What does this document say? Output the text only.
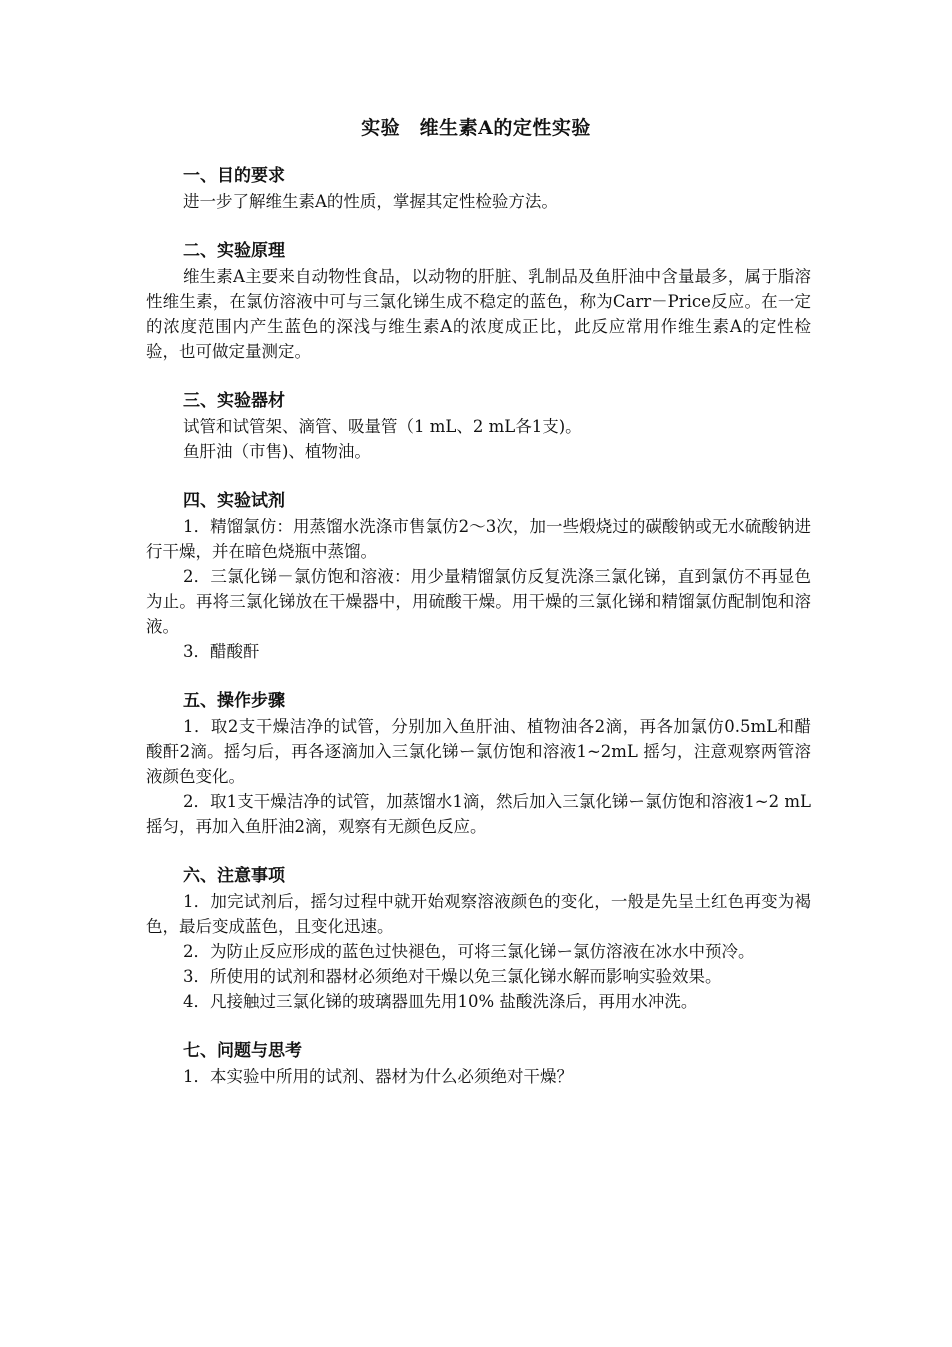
实验　维生素A的定性实验
一、目的要求

进一步了解维生素A的性质，掌握其定性检验方法。

二、实验原理

维生素A主要来自动物性食品，以动物的肝脏、乳制品及鱼肝油中含量最多，属于脂溶性维生素，在氯仿溶液中可与三氯化锑生成不稳定的蓝色，称为Carr－Price反应。在一定的浓度范围内产生蓝色的深浅与维生素A的浓度成正比，此反应常用作维生素A的定性检验，也可做定量测定。

三、实验器材

试管和试管架、滴管、吸量管（1 mL、2 mL各1支)。

鱼肝油（市售)、植物油。

四、实验试剂

1．精馏氯仿：用蒸馏水洗涤市售氯仿2～3次，加一些煅烧过的碳酸钠或无水硫酸钠进行干燥，并在暗色烧瓶中蒸馏。

2．三氯化锑－氯仿饱和溶液：用少量精馏氯仿反复洗涤三氯化锑，直到氯仿不再显色为止。再将三氯化锑放在干燥器中，用硫酸干燥。用干燥的三氯化锑和精馏氯仿配制饱和溶液。

3．醋酸酐

五、操作步骤

1．取2支干燥洁净的试管，分别加入鱼肝油、植物油各2滴，再各加氯仿0.5mL和醋酸酐2滴。摇匀后，再各逐滴加入三氯化锑ー氯仿饱和溶液1~2mL 摇匀，注意观察两管溶液颜色变化。

2．取1支干燥洁净的试管，加蒸馏水1滴，然后加入三氯化锑ー氯仿饱和溶液1~2 mL摇匀，再加入鱼肝油2滴，观察有无颜色反应。

六、注意事项

1．加完试剂后，摇匀过程中就开始观察溶液颜色的变化，一般是先呈土红色再变为褐色，最后变成蓝色，且变化迅速。

2．为防止反应形成的蓝色过快褪色，可将三氯化锑ー氯仿溶液在冰水中预冷。

3．所使用的试剂和器材必须绝对干燥以免三氯化锑水解而影响实验效果。

4．凡接触过三氯化锑的玻璃器皿先用10% 盐酸洗涤后，再用水冲洗。

七、问题与思考

1．本实验中所用的试剂、器材为什么必须绝对干燥？
